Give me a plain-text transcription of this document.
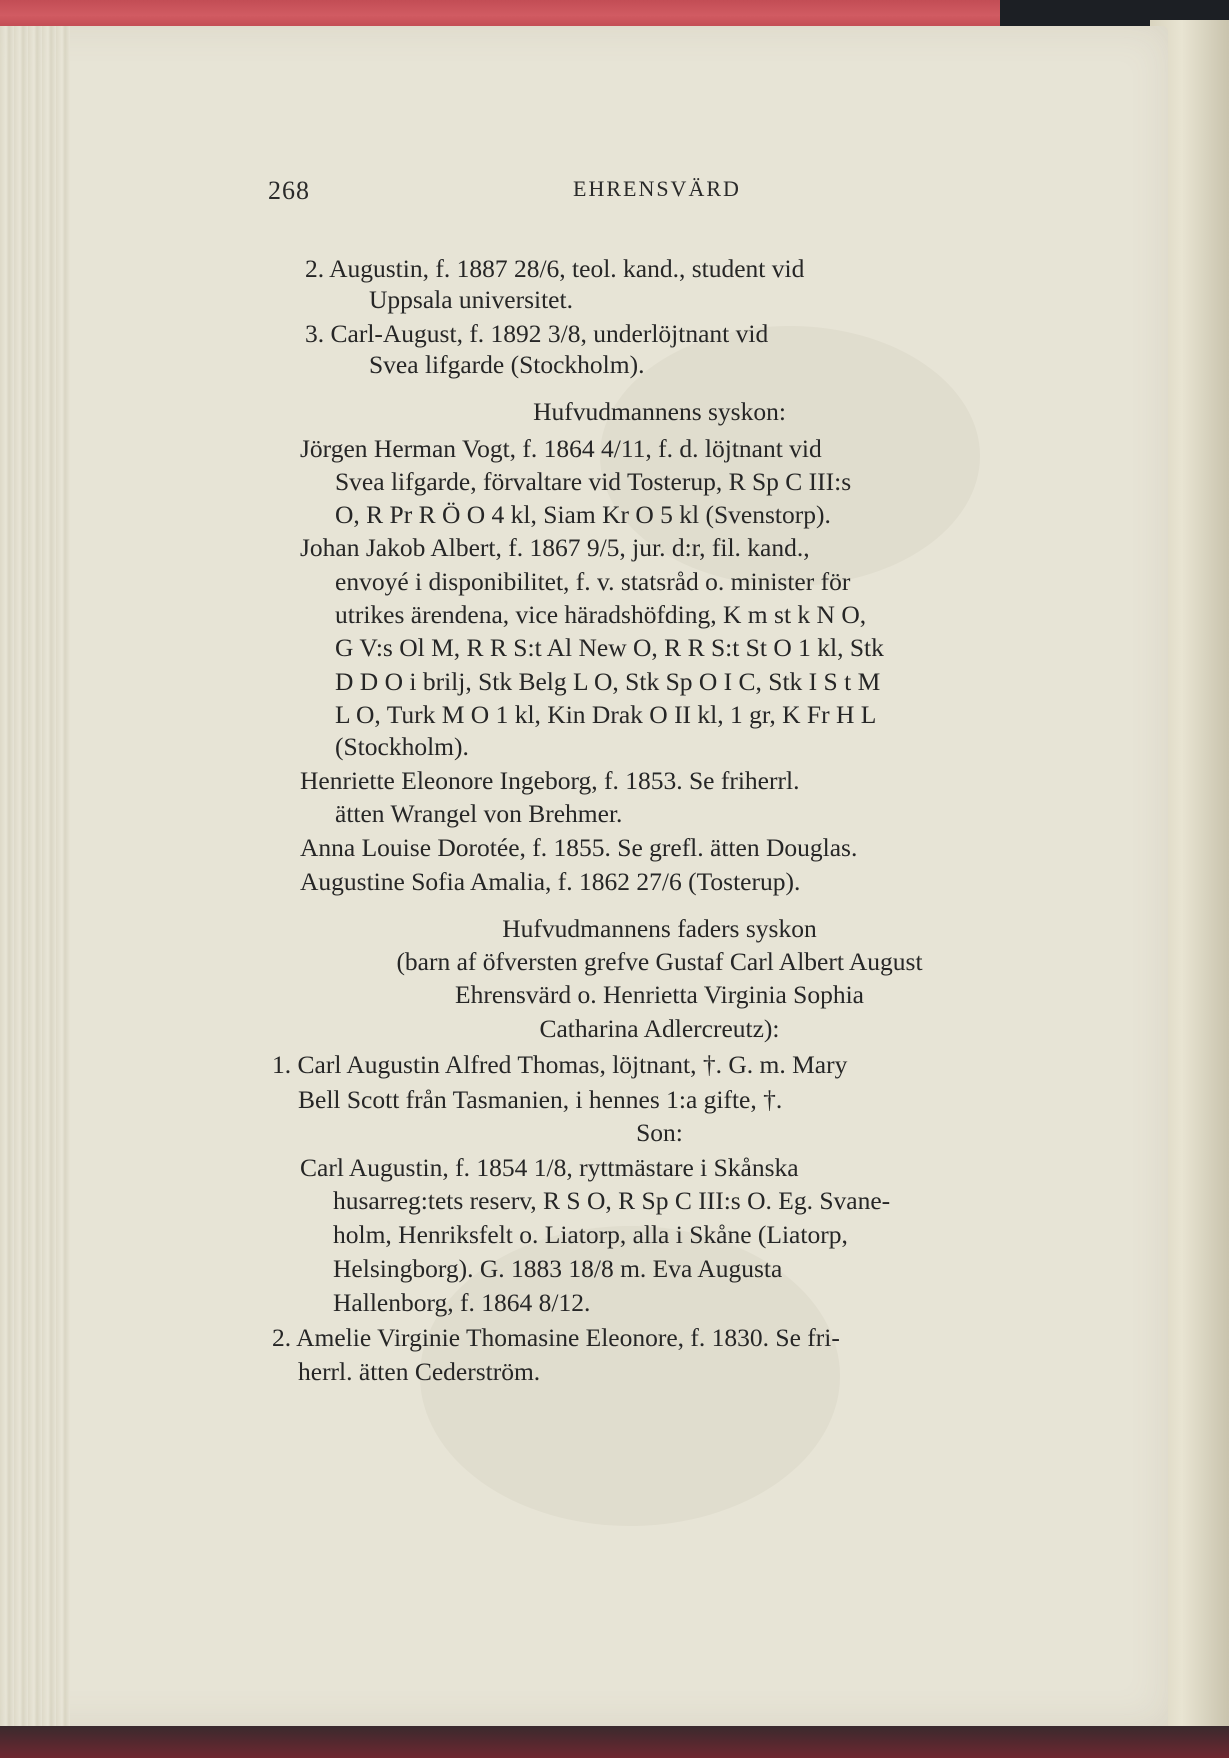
268	EHRENSVÄRD
2. Augustin, f. 1887 28/6, teol. kand., student vid
Uppsala universitet.
3. Carl-August, f. 1892 3/8, underlöjtnant vid
Svea lifgarde (Stockholm).
Hufvudmannens syskon:
Jörgen Herman Vogt, f. 1864 4/11, f. d. löjtnant vid
Svea lifgarde, förvaltare vid Tosterup, R Sp C III:s
O, R Pr R Ö O 4 kl, Siam Kr O 5 kl (Svenstorp).
Johan Jakob Albert, f. 1867 9/5, jur. d:r, fil. kand.,
envoyé i disponibilitet, f. v. statsråd o. minister för
utrikes ärendena, vice häradshöfding, K m st k N O,
G V:s Ol M, R R S:t Al New O, R R S:t St O 1 kl, Stk
D D O i brilj, Stk Belg L O, Stk Sp O I C, Stk I S t M
L O, Turk M O 1 kl, Kin Drak O II kl, 1 gr, K Fr H L
(Stockholm).
Henriette Eleonore Ingeborg, f. 1853. Se friherrl.
ätten Wrangel von Brehmer.
Anna Louise Dorotée, f. 1855. Se grefl. ätten Douglas.
Augustine Sofia Amalia, f. 1862 27/6 (Tosterup).
Hufvudmannens faders syskon
(barn af öfversten grefve Gustaf Carl Albert August
Ehrensvärd o. Henrietta Virginia Sophia
Catharina Adlercreutz):
1. Carl Augustin Alfred Thomas, löjtnant, †. G. m. Mary
Bell Scott från Tasmanien, i hennes 1:a gifte, †.
Son:
Carl Augustin, f. 1854 1/8, ryttmästare i Skånska
husarreg:tets reserv, R S O, R Sp C III:s O. Eg. Svane-
holm, Henriksfelt o. Liatorp, alla i Skåne (Liatorp,
Helsingborg). G. 1883 18/8 m. Eva Augusta
Hallenborg, f. 1864 8/12.
2. Amelie Virginie Thomasine Eleonore, f. 1830. Se fri-
herrl. ätten Cederström.
